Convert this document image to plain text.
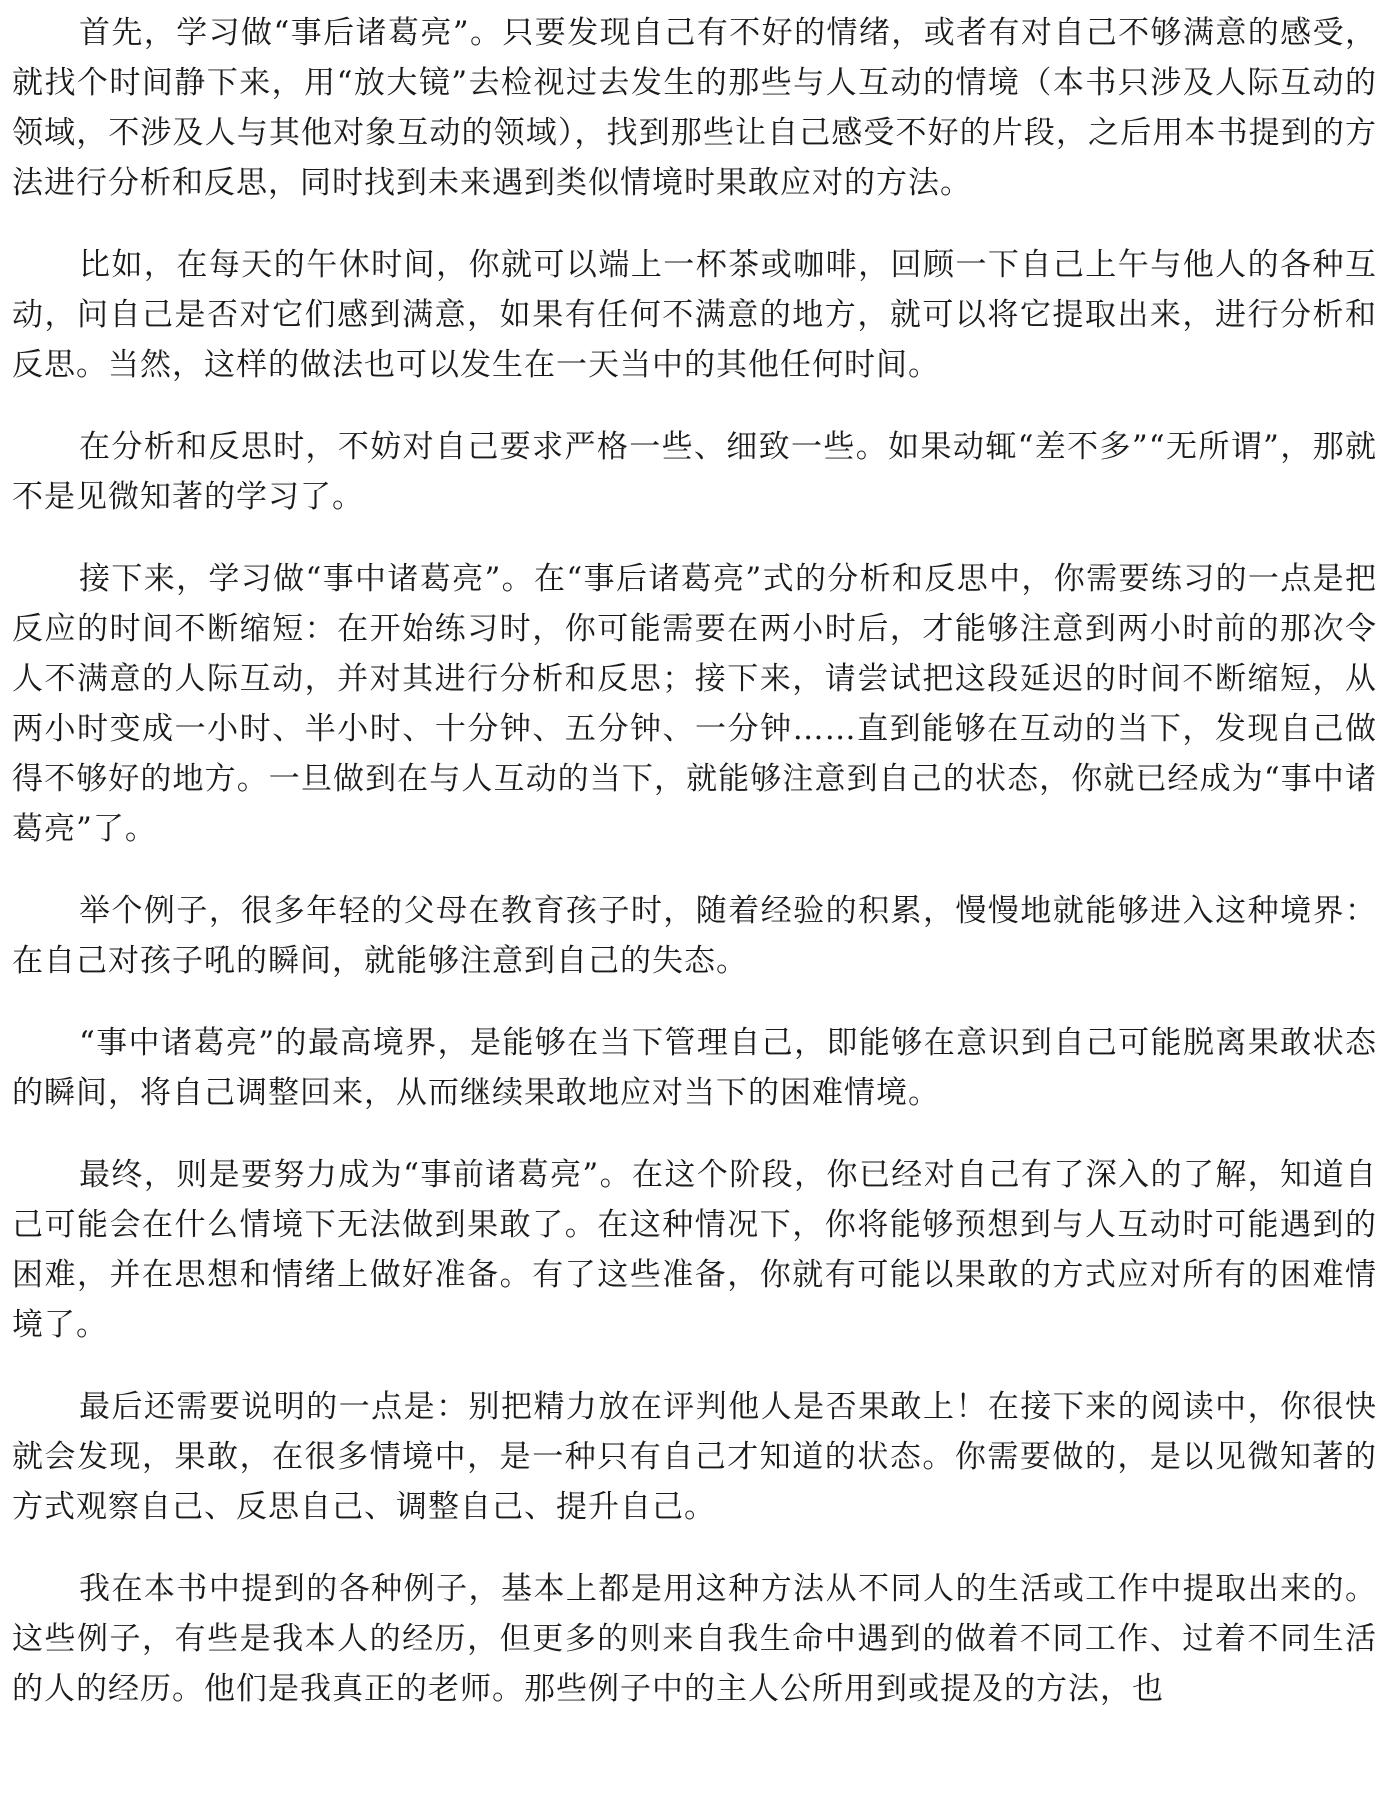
首先，学习做“事后诸葛亮”。只要发现自己有不好的情绪，或者有对自己不够满意的感受，就找个时间静下来，用“放大镜”去检视过去发生的那些与人互动的情境（本书只涉及人际互动的领域，不涉及人与其他对象互动的领域），找到那些让自己感受不好的片段，之后用本书提到的方法进行分析和反思，同时找到未来遇到类似情境时果敢应对的方法。

比如，在每天的午休时间，你就可以端上一杯茶或咖啡，回顾一下自己上午与他人的各种互动，问自己是否对它们感到满意，如果有任何不满意的地方，就可以将它提取出来，进行分析和反思。当然，这样的做法也可以发生在一天当中的其他任何时间。

在分析和反思时，不妨对自己要求严格一些、细致一些。如果动辄“差不多”“无所谓”，那就不是见微知著的学习了。

接下来，学习做“事中诸葛亮”。在“事后诸葛亮”式的分析和反思中，你需要练习的一点是把反应的时间不断缩短：在开始练习时，你可能需要在两小时后，才能够注意到两小时前的那次令人不满意的人际互动，并对其进行分析和反思；接下来，请尝试把这段延迟的时间不断缩短，从两小时变成一小时、半小时、十分钟、五分钟、一分钟……直到能够在互动的当下，发现自己做得不够好的地方。一旦做到在与人互动的当下，就能够注意到自己的状态，你就已经成为“事中诸葛亮”了。

举个例子，很多年轻的父母在教育孩子时，随着经验的积累，慢慢地就能够进入这种境界：在自己对孩子吼的瞬间，就能够注意到自己的失态。

“事中诸葛亮”的最高境界，是能够在当下管理自己，即能够在意识到自己可能脱离果敢状态的瞬间，将自己调整回来，从而继续果敢地应对当下的困难情境。

最终，则是要努力成为“事前诸葛亮”。在这个阶段，你已经对自己有了深入的了解，知道自己可能会在什么情境下无法做到果敢了。在这种情况下，你将能够预想到与人互动时可能遇到的困难，并在思想和情绪上做好准备。有了这些准备，你就有可能以果敢的方式应对所有的困难情境了。

最后还需要说明的一点是：别把精力放在评判他人是否果敢上！在接下来的阅读中，你很快就会发现，果敢，在很多情境中，是一种只有自己才知道的状态。你需要做的，是以见微知著的方式观察自己、反思自己、调整自己、提升自己。

我在本书中提到的各种例子，基本上都是用这种方法从不同人的生活或工作中提取出来的。这些例子，有些是我本人的经历，但更多的则来自我生命中遇到的做着不同工作、过着不同生活的人的经历。他们是我真正的老师。那些例子中的主人公所用到或提及的方法，也
